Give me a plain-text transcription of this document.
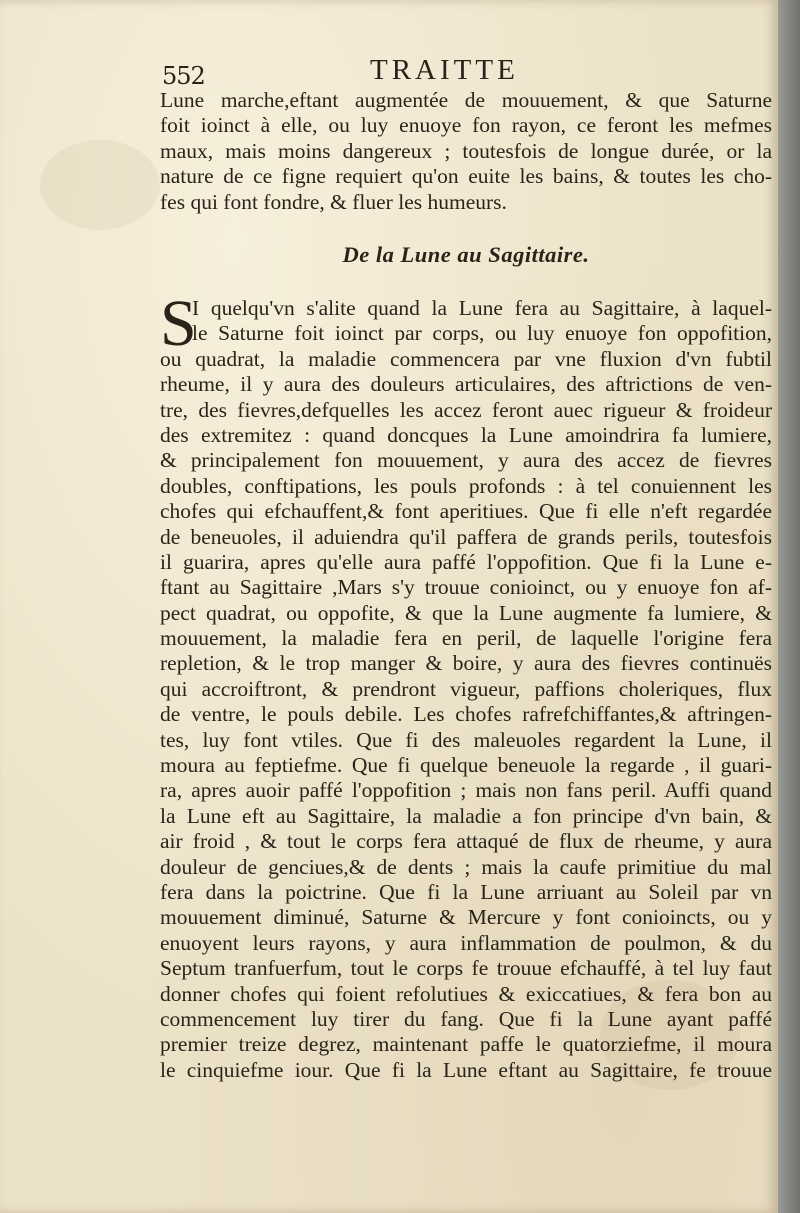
552	TRAITTE
Lune marche,eftant augmentée de mouuement, & que Saturne
foit ioinct à elle, ou luy enuoye fon rayon, ce feront les mefmes
maux, mais moins dangereux ; toutesfois de longue durée, or la
nature de ce figne requiert qu'on euite les bains, & toutes les cho-
fes qui font fondre, & fluer les humeurs.
De la Lune au Sagittaire.
S
I quelqu'vn s'alite quand la Lune fera au Sagittaire, à laquel-
le Saturne foit ioinct par corps, ou luy enuoye fon oppofition,
ou quadrat, la maladie commencera par vne fluxion d'vn fubtil
rheume, il y aura des douleurs articulaires, des aftrictions de ven-
tre, des fievres,defquelles les accez feront auec rigueur & froideur
des extremitez : quand doncques la Lune amoindrira fa lumiere,
& principalement fon mouuement, y aura des accez de fievres
doubles, conftipations, les pouls profonds : à tel conuiennent les
chofes qui efchauffent,& font aperitiues. Que fi elle n'eft regardée
de beneuoles, il aduiendra qu'il paffera de grands perils, toutesfois
il guarira, apres qu'elle aura paffé l'oppofition. Que fi la Lune e-
ftant au Sagittaire ,Mars s'y trouue conioinct, ou y enuoye fon af-
pect quadrat, ou oppofite, & que la Lune augmente fa lumiere, &
mouuement, la maladie fera en peril, de laquelle l'origine fera
repletion, & le trop manger & boire, y aura des fievres continuës
qui accroiftront, & prendront vigueur, paffions choleriques, flux
de ventre, le pouls debile. Les chofes rafrefchiffantes,& aftringen-
tes, luy font vtiles. Que fi des maleuoles regardent la Lune, il
moura au feptiefme. Que fi quelque beneuole la regarde , il guari-
ra, apres auoir paffé l'oppofition ; mais non fans peril. Auffi quand
la Lune eft au Sagittaire, la maladie a fon principe d'vn bain, &
air froid , & tout le corps fera attaqué de flux de rheume, y aura
douleur de genciues,& de dents ; mais la caufe primitiue du mal
fera dans la poictrine. Que fi la Lune arriuant au Soleil par vn
mouuement diminué, Saturne & Mercure y font conioincts, ou y
enuoyent leurs rayons, y aura inflammation de poulmon, & du
Septum tranfuerfum, tout le corps fe trouue efchauffé, à tel luy faut
donner chofes qui foient refolutiues & exiccatiues, & fera bon au
commencement luy tirer du fang. Que fi la Lune ayant paffé
premier treize degrez, maintenant paffe le quatorziefme, il moura
le cinquiefme iour. Que fi la Lune eftant au Sagittaire, fe trouue
